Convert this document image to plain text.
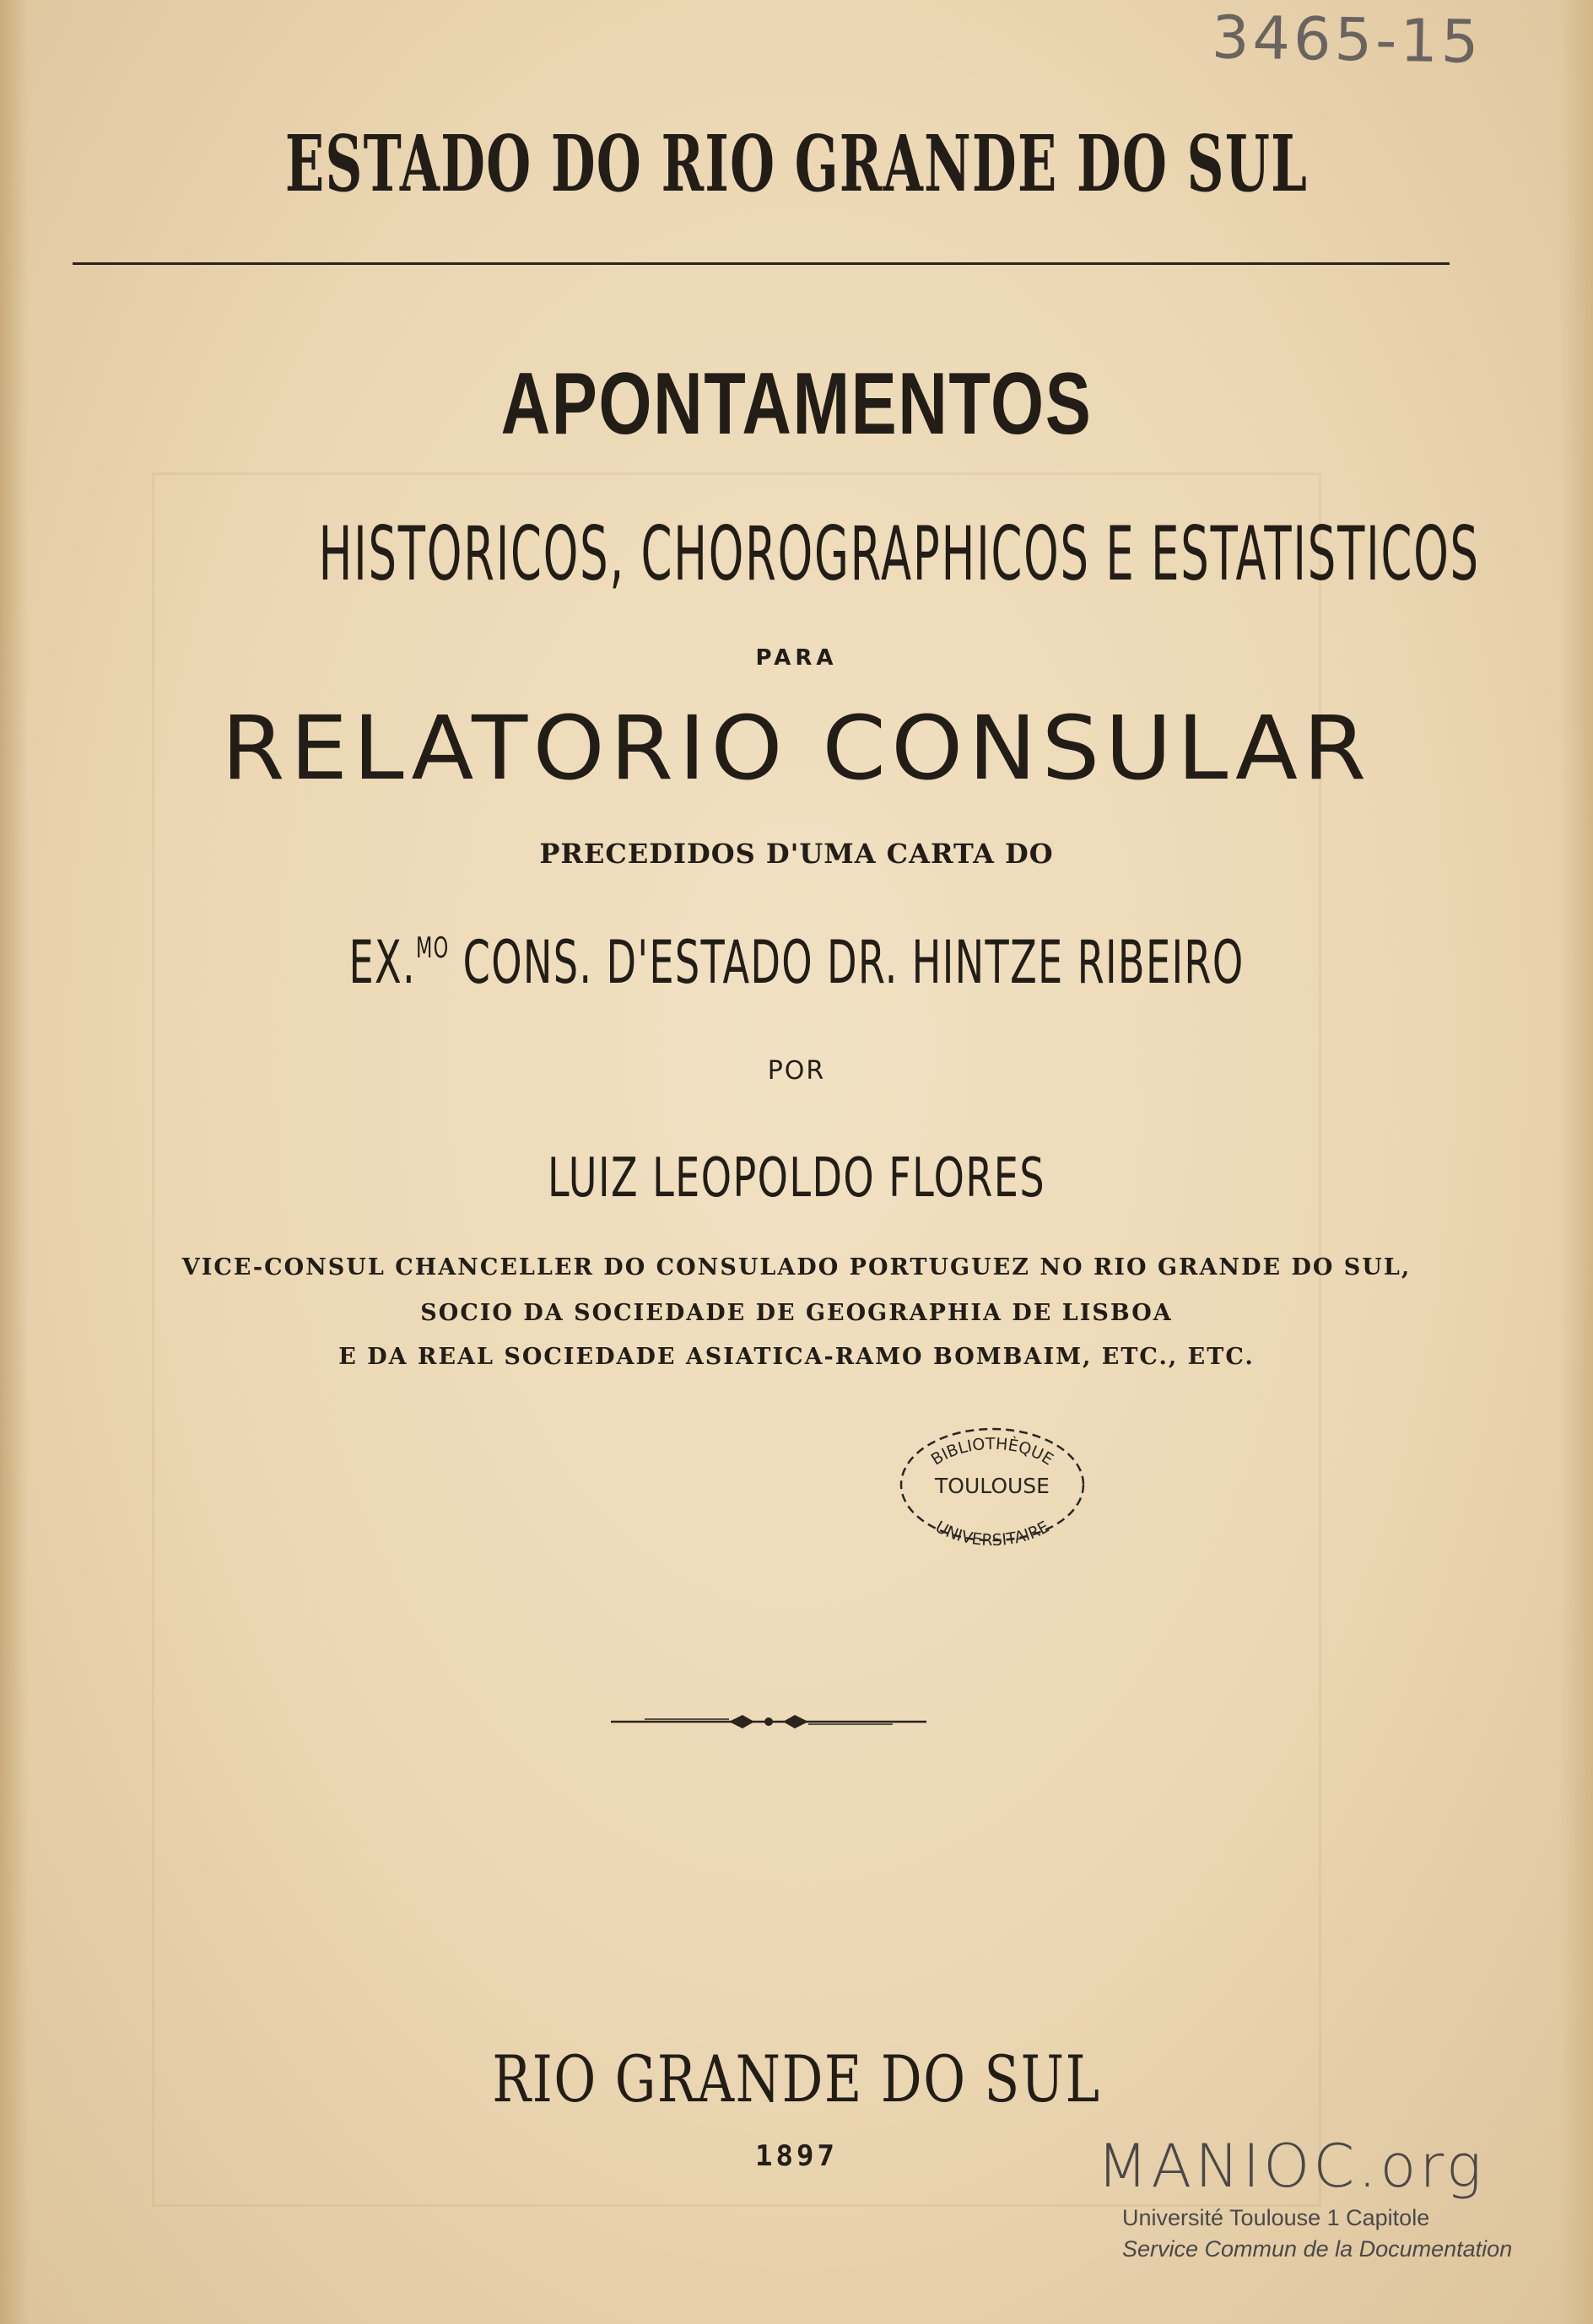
3465-15

ESTADO DO RIO GRANDE DO SUL

APONTAMENTOS

HISTORICOS, CHOROGRAPHICOS E ESTATISTICOS

PARA

RELATORIO CONSULAR

PRECEDIDOS D'UMA CARTA DO

EX.$^{MO}$ CONS. D'ESTADO DR. HINTZE RIBEIRO

POR

LUIZ LEOPOLDO FLORES

VICE-CONSUL CHANCELLER DO CONSULADO PORTUGUEZ NO RIO GRANDE DO SUL,

SOCIO DA SOCIEDADE DE GEOGRAPHIA DE LISBOA

E DA REAL SOCIEDADE ASIATICA-RAMO BOMBAIM, ETC., ETC.

BIBLIOTHÈQUE
TOULOUSE
UNIVERSITAIRE

RIO GRANDE DO SUL

1897	MANIOC.org

Université Toulouse 1 Capitole

Service Commun de la Documentation
